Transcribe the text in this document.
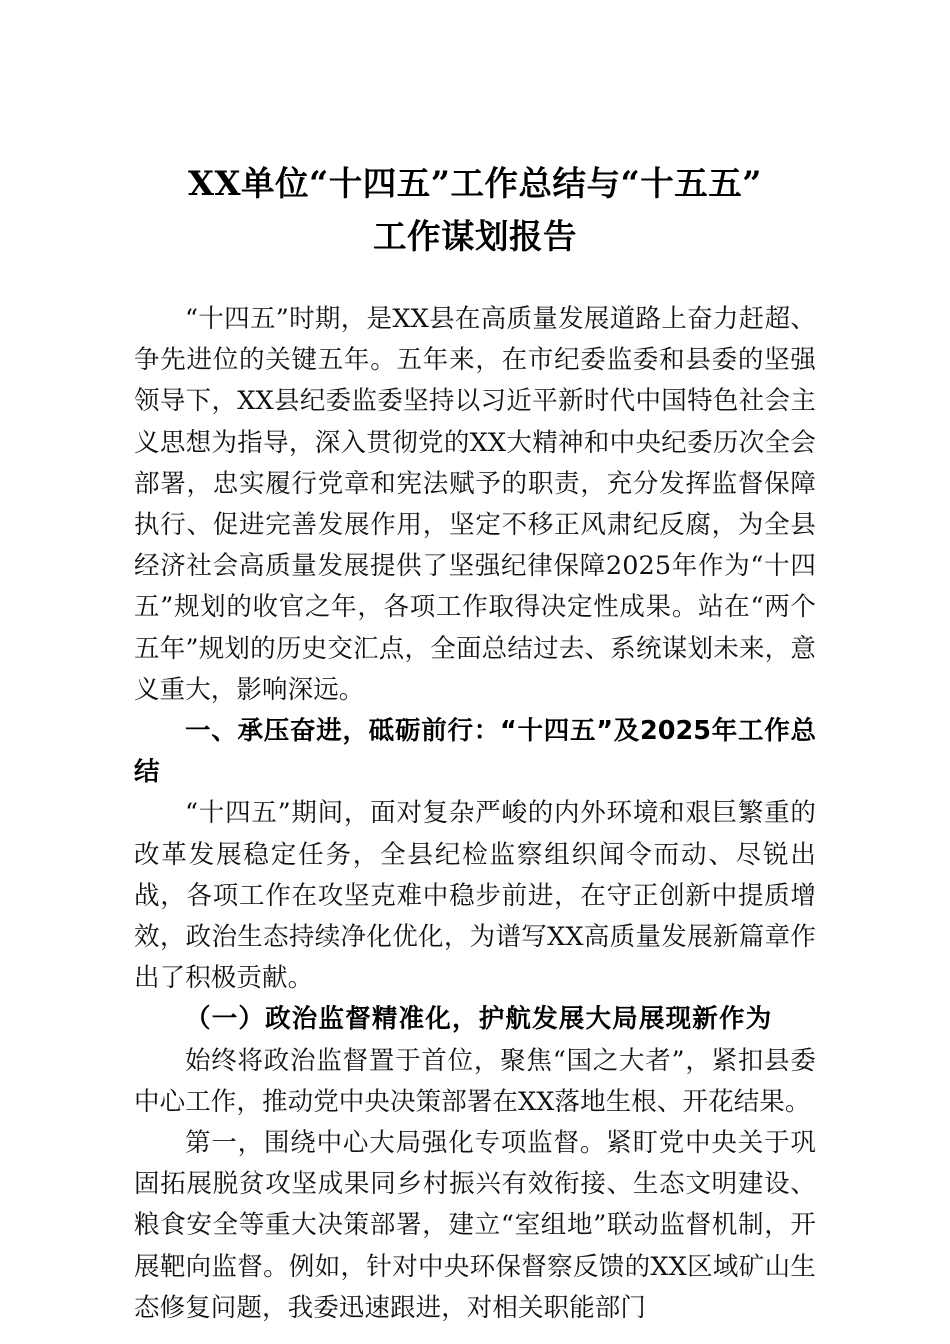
XX单位“十四五”工作总结与“十五五”
工作谋划报告

“十四五”时期，是XX县在高质量发展道路上奋力赶超、争先进位的关键五年。五年来，在市纪委监委和县委的坚强领导下，XX县纪委监委坚持以习近平新时代中国特色社会主义思想为指导，深入贯彻党的XX大精神和中央纪委历次全会部署，忠实履行党章和宪法赋予的职责，充分发挥监督保障执行、促进完善发展作用，坚定不移正风肃纪反腐，为全县经济社会高质量发展提供了坚强纪律保障2025年作为“十四五”规划的收官之年，各项工作取得决定性成果。站在“两个五年”规划的历史交汇点，全面总结过去、系统谋划未来，意义重大，影响深远。

一、承压奋进，砥砺前行：“十四五”及2025年工作总结

“十四五”期间，面对复杂严峻的内外环境和艰巨繁重的改革发展稳定任务，全县纪检监察组织闻令而动、尽锐出战，各项工作在攻坚克难中稳步前进，在守正创新中提质增效，政治生态持续净化优化，为谱写XX高质量发展新篇章作出了积极贡献。

（一）政治监督精准化，护航发展大局展现新作为

始终将政治监督置于首位，聚焦“国之大者”，紧扣县委中心工作，推动党中央决策部署在XX落地生根、开花结果。

第一，围绕中心大局强化专项监督。紧盯党中央关于巩固拓展脱贫攻坚成果同乡村振兴有效衔接、生态文明建设、粮食安全等重大决策部署，建立“室组地”联动监督机制，开展靶向监督。例如，针对中央环保督察反馈的XX区域矿山生态修复问题，我委迅速跟进，对相关职能部门
